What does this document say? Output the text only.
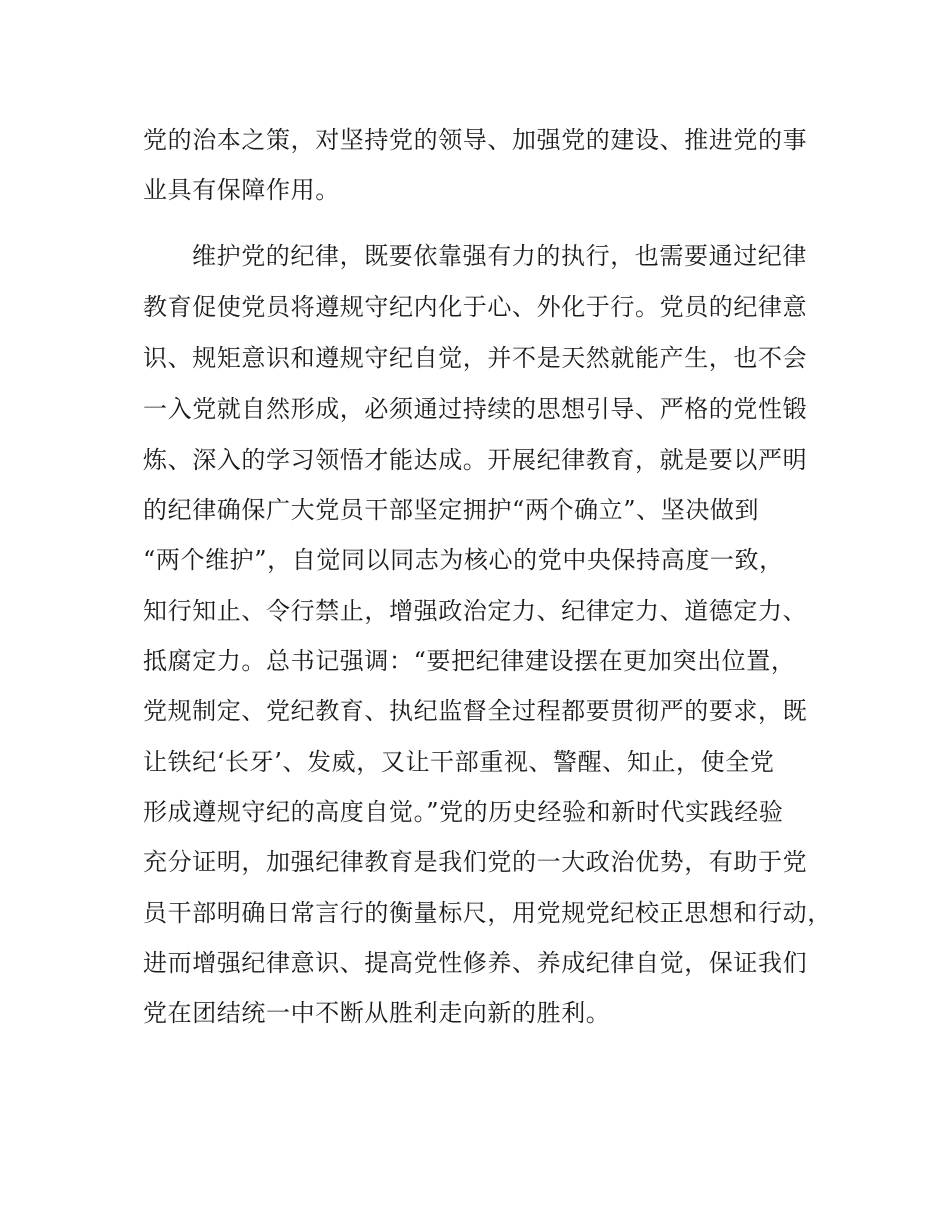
党的治本之策，对坚持党的领导、加强党的建设、推进党的事
业具有保障作用。
维护党的纪律，既要依靠强有力的执行，也需要通过纪律
教育促使党员将遵规守纪内化于心、外化于行。党员的纪律意
识、规矩意识和遵规守纪自觉，并不是天然就能产生，也不会
一入党就自然形成，必须通过持续的思想引导、严格的党性锻
炼、深入的学习领悟才能达成。开展纪律教育，就是要以严明
的纪律确保广大党员干部坚定拥护“两个确立”、坚决做到
“两个维护”，自觉同以同志为核心的党中央保持高度一致，
知行知止、令行禁止，增强政治定力、纪律定力、道德定力、
抵腐定力。总书记强调：“要把纪律建设摆在更加突出位置，
党规制定、党纪教育、执纪监督全过程都要贯彻严的要求，既
让铁纪‘长牙’、发威，又让干部重视、警醒、知止，使全党
形成遵规守纪的高度自觉。”党的历史经验和新时代实践经验
充分证明，加强纪律教育是我们党的一大政治优势，有助于党
员干部明确日常言行的衡量标尺，用党规党纪校正思想和行动，
进而增强纪律意识、提高党性修养、养成纪律自觉，保证我们
党在团结统一中不断从胜利走向新的胜利。
